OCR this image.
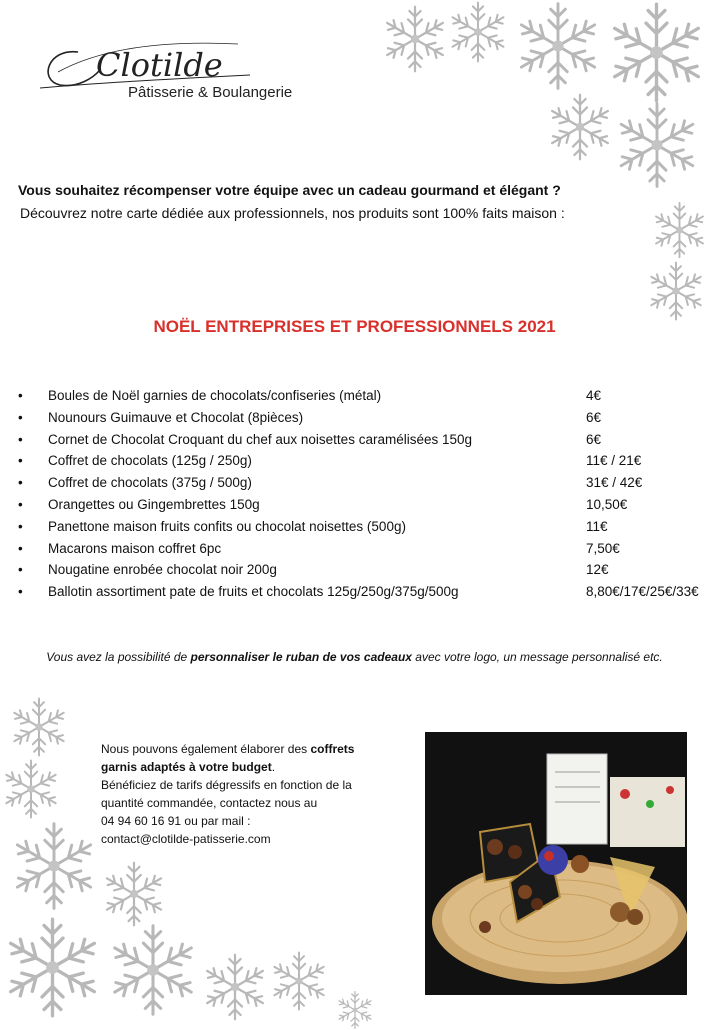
Clotilde
Pâtisserie & Boulangerie
Vous souhaitez récompenser votre équipe avec un cadeau gourmand et élégant ?
Découvrez notre carte dédiée aux professionnels, nos produits sont 100% faits maison :
NOËL ENTREPRISES ET PROFESSIONNELS 2021
• Boules de Noël garnies de chocolats/confiseries (métal)	4€
• Nounours Guimauve et Chocolat (8pièces)	6€
• Cornet de Chocolat Croquant du chef aux noisettes caramélisées 150g	6€
• Coffret de chocolats (125g / 250g)	11€ / 21€
• Coffret de chocolats (375g / 500g)	31€ / 42€
• Orangettes ou Gingembrettes 150g	10,50€
• Panettone maison fruits confits ou chocolat noisettes (500g)	11€
• Macarons maison coffret 6pc	7,50€
• Nougatine enrobée chocolat noir 200g	12€
• Ballotin assortiment pate de fruits et chocolats 125g/250g/375g/500g	8,80€/17€/25€/33€
Vous avez la possibilité de personnaliser le ruban de vos cadeaux avec votre logo, un message personnalisé etc.
Nous pouvons également élaborer des coffrets garnis adaptés à votre budget.
Bénéficiez de tarifs dégressifs en fonction de la quantité commandée, contactez nous au
04 94 60 16 91 ou par mail :
contact@clotilde-patisserie.com
